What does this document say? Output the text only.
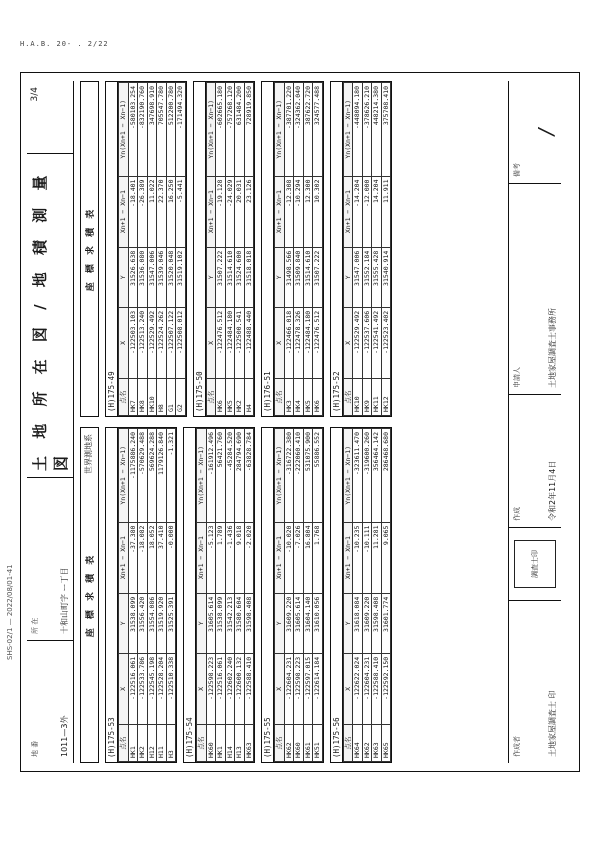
H.A.B. 20- . 2/22
SHS-02/1 — 2022/08/01-41
地 番	1011—3外
所 在	十和山町字 ー丁目
土 地 所 在 図 / 地 積 測 量 図
3/4
座 標 求 積 表
世界測地系
(H)175-53 点名	X	Y	Xn+1 − Xn−1	Yn(Xn+1 − Xn−1)
HK1	-122516.061	31538.099	-37.380	-1175886.240
HK2	-122533.786	31556.420	-18.082	-570629.488
H12	-122545.198	31554.086	18.052	569624.288
H11	-122528.204	31519.920	37.410	1179126.840
H3	-122510.338	31525.391	-0.000	-1.321
(H)175-54 点名	X	Y	Xn+1 − Xn−1	Yn(Xn+1 − Xn−1)
HK60	-122598.223	31605.614	-5.123	-161912.496
HK1	-122516.061	31538.099	1.789	56421.760
H14	-122602.240	31542.213	-1.436	-45284.520
H13	-122600.132	31580.604	9.018	284794.690
HK63	-122588.410	31598.408	-2.020	-63828.784
(H)175-55 点名	X	Y	Xn+1 − Xn−1	Yn(Xn+1 − Xn−1)
HK62	-122604.231	31609.220	-10.020	-316722.380
HK60	-122598.223	31605.614	-7.026	-222060.410
HK61	-122597.015	31604.140	16.804	531075.900
HK51	-122614.184	31610.056	1.768	55886.552
(H)175-56 点名	X	Y	Xn+1 − Xn−1	Yn(Xn+1 − Xn−1)
HK64	-122622.024	31618.084	-10.235	-323611.470
HK62	-122604.231	31609.220	-10.111	-319600.260
HK63	-122588.410	31598.408	11.281	356464.142
HK65	-122592.150	31601.774	9.065	286468.680
座 標 求 積 表
(H)175-49 点名	X	Y	Xn+1 − Xn−1	Yn(Xn+1 − Xn−1)
HK7	-122503.103	31526.638	-18.401	-580103.254
HK8	-122513.240	31536.080	-26.389	-832190.760
HK10	-122529.492	31547.006	11.022	347698.910
H8	-122524.262	31539.046	22.370	705547.780
G1	-122507.122	31520.048	16.250	512200.780
G2	-122508.012	31519.102	-5.441	-171494.320
(H)175-50 点名	X	Y	Xn+1 − Xn−1	Yn(Xn+1 − Xn−1)
HK6	-122476.512	31507.222	-19.128	-602665.180
HK5	-122484.180	31514.610	-24.029	-757268.120
HK2	-122500.541	31524.600	20.031	631484.200
H4	-122488.440	31518.018	23.126	728919.850
(H)176-51 点名	X	Y	Xn+1 − Xn−1	Yn(Xn+1 − Xn−1)
HK3	-122466.018	31498.566	-12.308	-387701.220
HK4	-122478.326	31509.840	-10.294	-324362.040
HK5	-122484.180	31514.610	12.300	387622.720
HK6	-122476.512	31507.222	10.302	324577.488
(H)175-52 点名	X	Y	Xn+1 − Xn−1	Yn(Xn+1 − Xn−1)
HK10	-122529.492	31547.006	-14.204	-448094.180
HK9	-122537.606	31552.184	-12.000	-378626.210
HK11	-122541.492	31555.428	14.204	448214.380
HK12	-122523.402	31540.914	11.911	375708.410
作成者	土地家屋調査士 印
調査士印
作成	令和2年11月4日
申請人	土地家屋調査士事務所
備考
/
